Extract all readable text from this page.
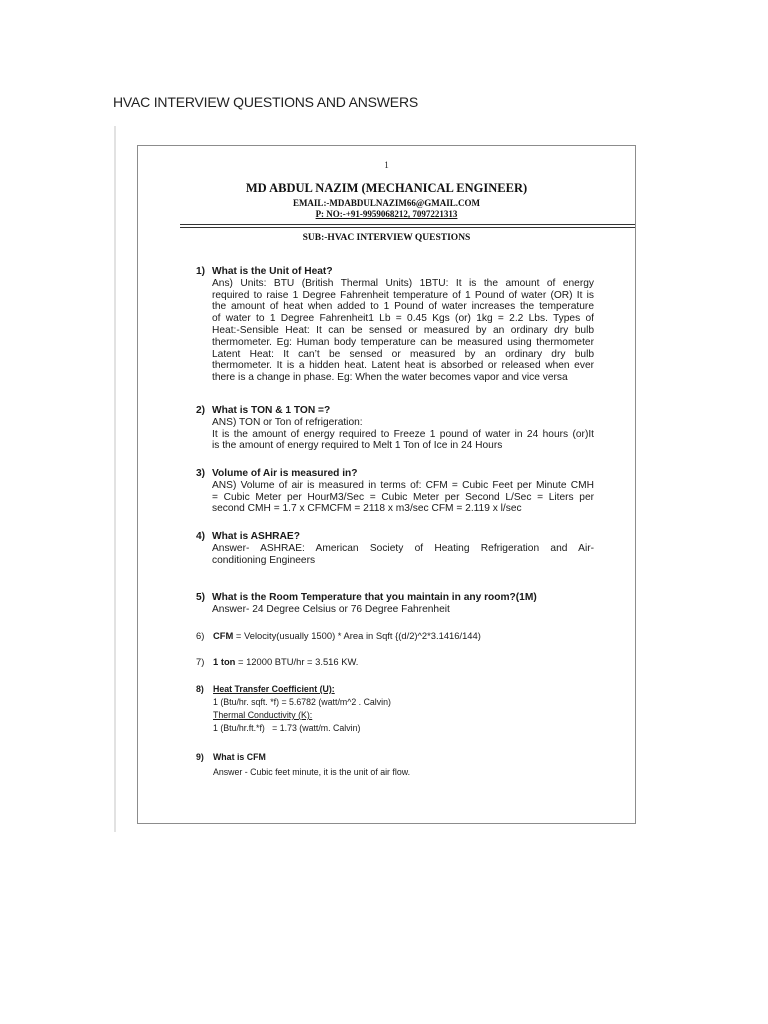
HVAC INTERVIEW QUESTIONS AND ANSWERS
1
MD ABDUL NAZIM (MECHANICAL ENGINEER)
EMAIL:-MDABDULNAZIM66@GMAIL.COM
P: NO:-+91-9959068212, 7097221313
SUB:-HVAC INTERVIEW QUESTIONS
1) What is the Unit of Heat?
Ans) Units: BTU (British Thermal Units) 1BTU: It is the amount of energy
required to raise 1 Degree Fahrenheit temperature of 1 Pound of water (OR) It is
the amount of heat when added to 1 Pound of water increases the temperature
of water to 1 Degree Fahrenheit1 Lb = 0.45 Kgs (or) 1kg = 2.2 Lbs. Types of
Heat:-Sensible Heat: It can be sensed or measured by an ordinary dry bulb
thermometer. Eg: Human body temperature can be measured using thermometer
Latent Heat: It can’t be sensed or measured by an ordinary dry bulb
thermometer. It is a hidden heat. Latent heat is absorbed or released when ever
there is a change in phase. Eg: When the water becomes vapor and vice versa
2) What is TON & 1 TON =?
ANS) TON or Ton of refrigeration:
It is the amount of energy required to Freeze 1 pound of water in 24 hours (or)It
is the amount of energy required to Melt 1 Ton of Ice in 24 Hours
3) Volume of Air is measured in?
ANS) Volume of air is measured in terms of: CFM = Cubic Feet per Minute CMH
= Cubic Meter per HourM3/Sec = Cubic Meter per Second L/Sec = Liters per
second CMH = 1.7 x CFMCFM = 2118 x m3/sec CFM = 2.119 x l/sec
4) What is ASHRAE?
Answer- ASHRAE: American Society of Heating Refrigeration and Air-
conditioning Engineers
5) What is the Room Temperature that you maintain in any room?(1M)
Answer- 24 Degree Celsius or 76 Degree Fahrenheit
6) CFM = Velocity(usually 1500) * Area in Sqft {(d/2)^2*3.1416/144)
7) 1 ton = 12000 BTU/hr = 3.516 KW.
8) Heat Transfer Coefficient (U):
1 (Btu/hr. sqft. *f) = 5.6782 (watt/m^2 . Calvin)
Thermal Conductivity (K):
1 (Btu/hr.ft.*f)   = 1.73 (watt/m. Calvin)
9) What is CFM
Answer - Cubic feet minute, it is the unit of air flow.
